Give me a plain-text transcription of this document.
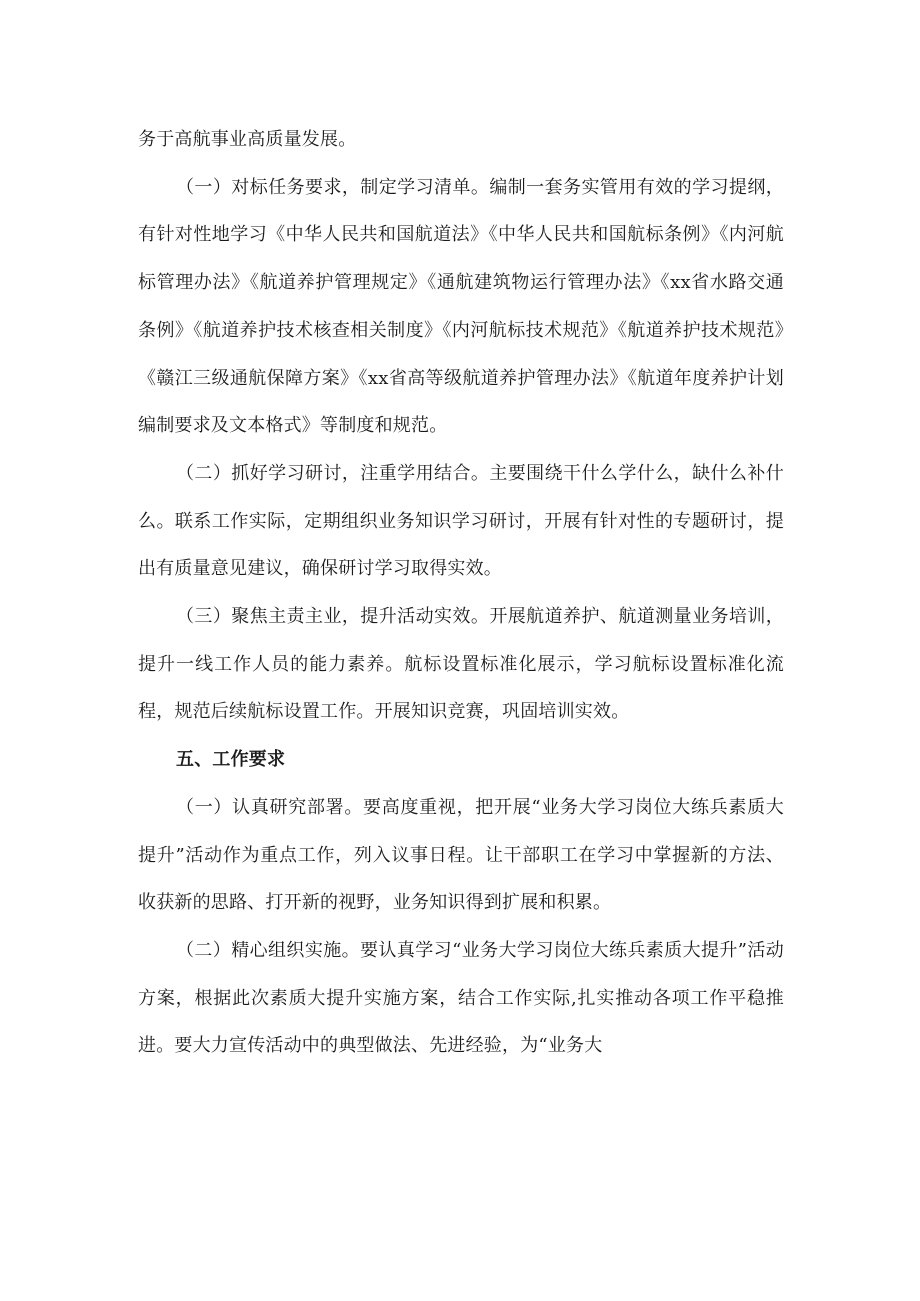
务于高航事业高质量发展。

（一）对标任务要求，制定学习清单。编制一套务实管用有效的学习提纲，有针对性地学习《中华人民共和国航道法》《中华人民共和国航标条例》《内河航标管理办法》《航道养护管理规定》《通航建筑物运行管理办法》《xx省水路交通条例》《航道养护技术核查相关制度》《内河航标技术规范》《航道养护技术规范》《赣江三级通航保障方案》《xx省高等级航道养护管理办法》《航道年度养护计划编制要求及文本格式》等制度和规范。

（二）抓好学习研讨，注重学用结合。主要围绕干什么学什么，缺什么补什么。联系工作实际，定期组织业务知识学习研讨，开展有针对性的专题研讨，提出有质量意见建议，确保研讨学习取得实效。

（三）聚焦主责主业，提升活动实效。开展航道养护、航道测量业务培训，提升一线工作人员的能力素养。航标设置标准化展示，学习航标设置标准化流程，规范后续航标设置工作。开展知识竞赛，巩固培训实效。

五、工作要求

（一）认真研究部署。要高度重视，把开展“业务大学习岗位大练兵素质大提升”活动作为重点工作，列入议事日程。让干部职工在学习中掌握新的方法、收获新的思路、打开新的视野，业务知识得到扩展和积累。

（二）精心组织实施。要认真学习“业务大学习岗位大练兵素质大提升”活动方案，根据此次素质大提升实施方案，结合工作实际,扎实推动各项工作平稳推进。要大力宣传活动中的典型做法、先进经验，为“业务大
